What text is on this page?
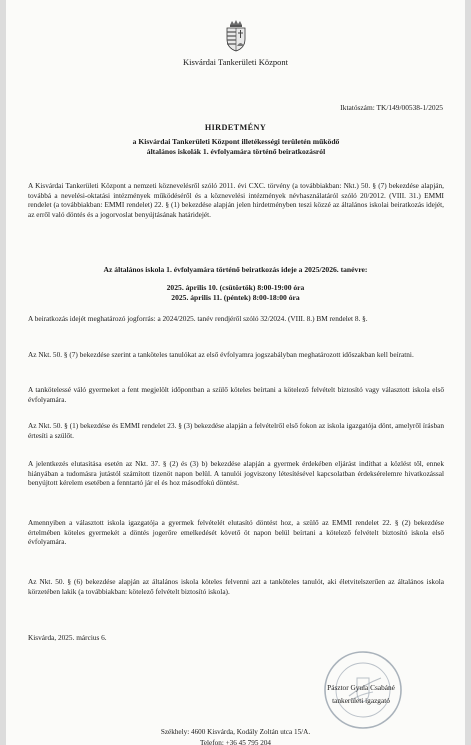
Kisvárdai Tankerületi Központ
Iktatószám: TK/149/00538-1/2025
HIRDETMÉNY
a Kisvárdai Tankerületi Központ illetékességi területén működő
általános iskolák 1. évfolyamára történő beiratkozásról
A Kisvárdai Tankerületi Központ a nemzeti köznevelésről szóló 2011. évi CXC. törvény (a továbbiakban: Nkt.) 50. § (7) bekezdése alapján, továbbá a nevelési-oktatási intézmények működéséről és a köznevelési intézmények névhasználatáról szóló 20/2012. (VIII. 31.) EMMI rendelet (a továbbiakban: EMMI rendelet) 22. § (1) bekezdése alapján jelen hirdetményben teszi közzé az általános iskolai beiratkozás idejét, az erről való döntés és a jogorvoslat benyújtásának határidejét.
Az általános iskola 1. évfolyamára történő beiratkozás ideje a 2025/2026. tanévre:
2025. április 10. (csütörtök) 8:00-19:00 óra
2025. április 11. (péntek) 8:00-18:00 óra
A beiratkozás idejét meghatározó jogforrás: a 2024/2025. tanév rendjéről szóló 32/2024. (VIII. 8.) BM rendelet 8. §.
Az Nkt. 50. § (7) bekezdése szerint a tanköteles tanulókat az első évfolyamra jogszabályban meghatározott időszakban kell beíratni.
A tankötelessé váló gyermeket a fent megjelölt időpontban a szülő köteles beírtani a kötelező felvételt biztosító vagy választott iskola első évfolyamára.
Az Nkt. 50. § (1) bekezdése és EMMI rendelet 23. § (3) bekezdése alapján a felvételről első fokon az iskola igazgatója dönt, amelyről írásban értesíti a szülőt.
A jelentkezés elutasítása esetén az Nkt. 37. § (2) és (3) b) bekezdése alapján a gyermek érdekében eljárást indíthat a közlést től, ennek hiányában a tudomásra jutástól számított tizenöt napon belül. A tanulói jogviszony létesítésével kapcsolatban érdeksérelemre hivatkozással benyújtott kérelem esetében a fenntartó jár el és hoz másodfokú döntést.
Amennyiben a választott iskola igazgatója a gyermek felvételét elutasító döntést hoz, a szülő az EMMI rendelet 22. § (2) bekezdése értelmében köteles gyermekét a döntés jogerőre emelkedését követő öt napon belül beírtani a kötelező felvételt biztosító iskola első évfolyamára.
Az Nkt. 50. § (6) bekezdése alapján az általános iskola köteles felvenni azt a tanköteles tanulót, aki életvitelszerűen az általános iskola körzetében lakik (a továbbiakban: kötelező felvételt biztosító iskola).
Kisvárda, 2025. március 6.
Pásztor Gyula Csabáné
tankerületi igazgató
Székhely: 4600 Kisvárda, Kodály Zoltán utca 15/A.
Telefon: +36 45 795 204
